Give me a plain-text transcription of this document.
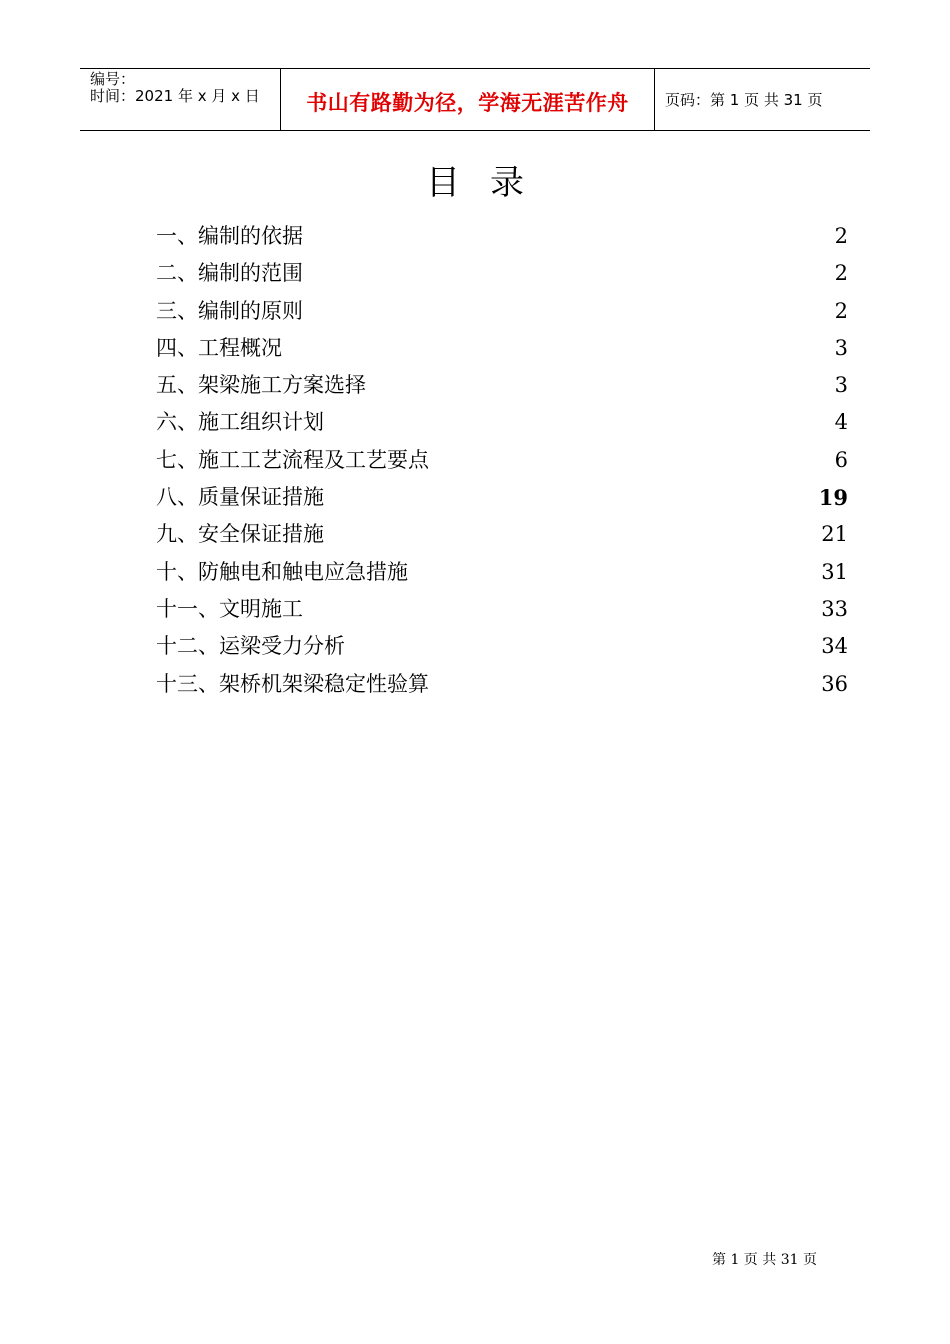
编号：
时间：2021 年 x 月 x 日	书山有路勤为径，学海无涯苦作舟	页码：第 1 页 共 31 页
目录
一、编制的依据	2
二、编制的范围	2
三、编制的原则	2
四、工程概况	3
五、架梁施工方案选择	3
六、施工组织计划	4
七、施工工艺流程及工艺要点	6
八、质量保证措施	19
九、安全保证措施	21
十、防触电和触电应急措施	31
十一、文明施工	33
十二、运梁受力分析	34
十三、架桥机架梁稳定性验算	36
第 1 页 共 31 页
